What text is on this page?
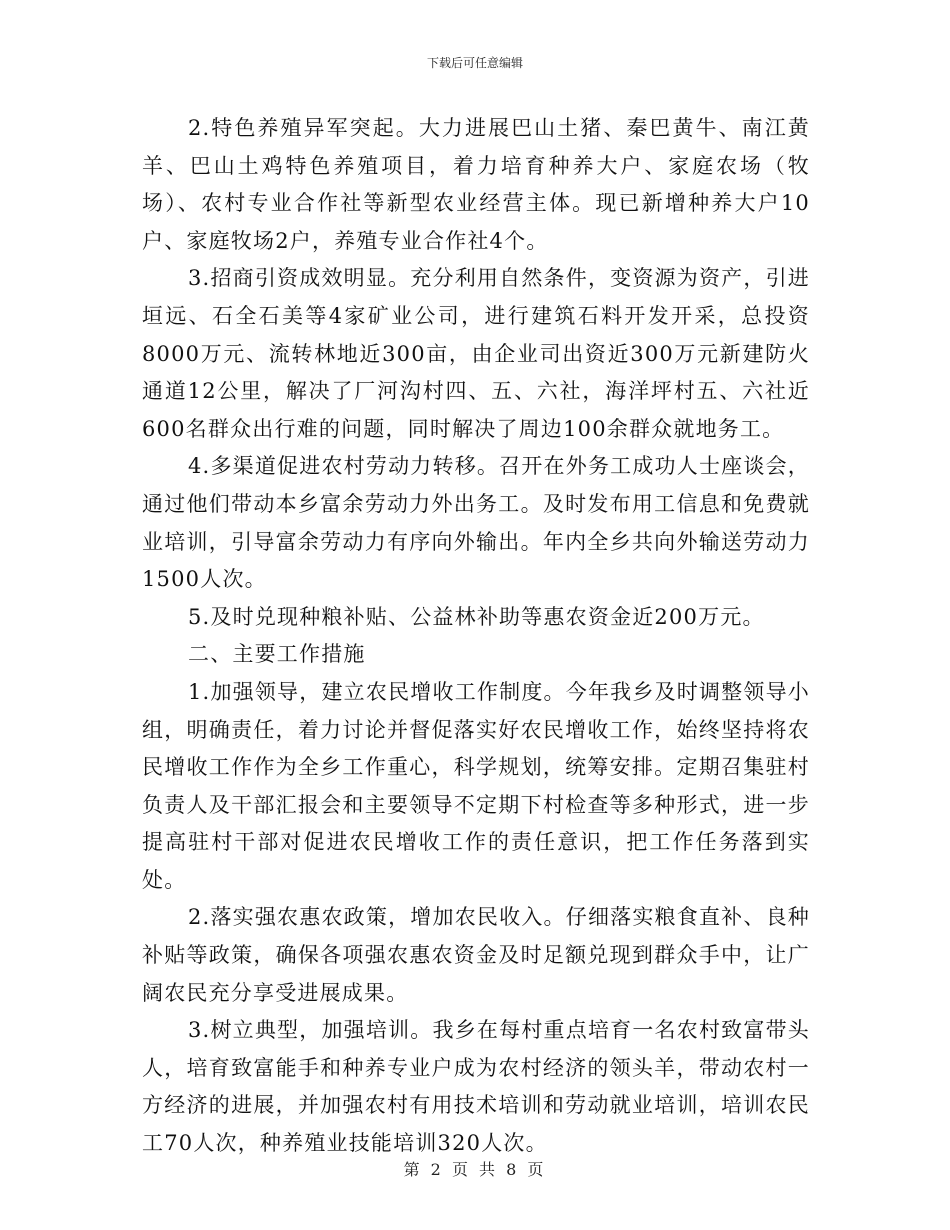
下载后可任意编辑

2.特色养殖异军突起。大力进展巴山土猪、秦巴黄牛、南江黄羊、巴山土鸡特色养殖项目，着力培育种养大户、家庭农场（牧场）、农村专业合作社等新型农业经营主体。现已新增种养大户10户、家庭牧场2户，养殖专业合作社4个。

3.招商引资成效明显。充分利用自然条件，变资源为资产，引进垣远、石全石美等4家矿业公司，进行建筑石料开发开采，总投资8000万元、流转林地近300亩，由企业司出资近300万元新建防火通道12公里，解决了厂河沟村四、五、六社，海洋坪村五、六社近600名群众出行难的问题，同时解决了周边100余群众就地务工。

4.多渠道促进农村劳动力转移。召开在外务工成功人士座谈会，通过他们带动本乡富余劳动力外出务工。及时发布用工信息和免费就业培训，引导富余劳动力有序向外输出。年内全乡共向外输送劳动力1500人次。

5.及时兑现种粮补贴、公益林补助等惠农资金近200万元。

二、主要工作措施

1.加强领导，建立农民增收工作制度。今年我乡及时调整领导小组，明确责任，着力讨论并督促落实好农民增收工作，始终坚持将农民增收工作作为全乡工作重心，科学规划，统筹安排。定期召集驻村负责人及干部汇报会和主要领导不定期下村检查等多种形式，进一步提高驻村干部对促进农民增收工作的责任意识，把工作任务落到实处。

2.落实强农惠农政策，增加农民收入。仔细落实粮食直补、良种补贴等政策，确保各项强农惠农资金及时足额兑现到群众手中，让广阔农民充分享受进展成果。

3.树立典型，加强培训。我乡在每村重点培育一名农村致富带头人，培育致富能手和种养专业户成为农村经济的领头羊，带动农村一方经济的进展，并加强农村有用技术培训和劳动就业培训，培训农民工70人次，种养殖业技能培训320人次。

第 2 页 共 8 页
